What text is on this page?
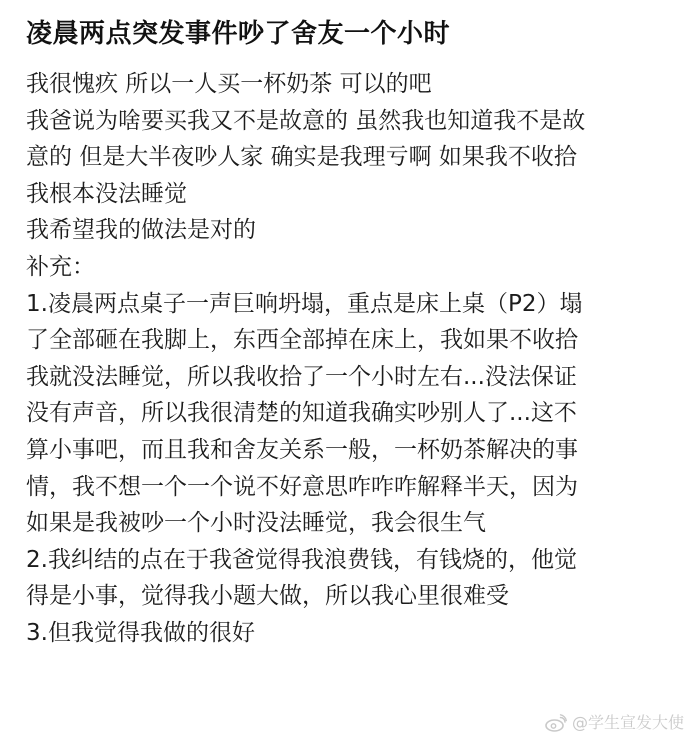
凌晨两点突发事件吵了舍友一个小时
我很愧疚 所以一人买一杯奶茶 可以的吧
我爸说为啥要买我又不是故意的 虽然我也知道我不是故
意的 但是大半夜吵人家 确实是我理亏啊 如果我不收拾
我根本没法睡觉
我希望我的做法是对的
补充：
1.凌晨两点桌子一声巨响坍塌，重点是床上桌（P2）塌
了全部砸在我脚上，东西全部掉在床上，我如果不收拾
我就没法睡觉，所以我收拾了一个小时左右...没法保证
没有声音，所以我很清楚的知道我确实吵别人了...这不
算小事吧，而且我和舍友关系一般，一杯奶茶解决的事
情，我不想一个一个说不好意思咋咋咋解释半天，因为
如果是我被吵一个小时没法睡觉，我会很生气
2.我纠结的点在于我爸觉得我浪费钱，有钱烧的，他觉
得是小事，觉得我小题大做，所以我心里很难受
3.但我觉得我做的很好
@学生宣发大使
